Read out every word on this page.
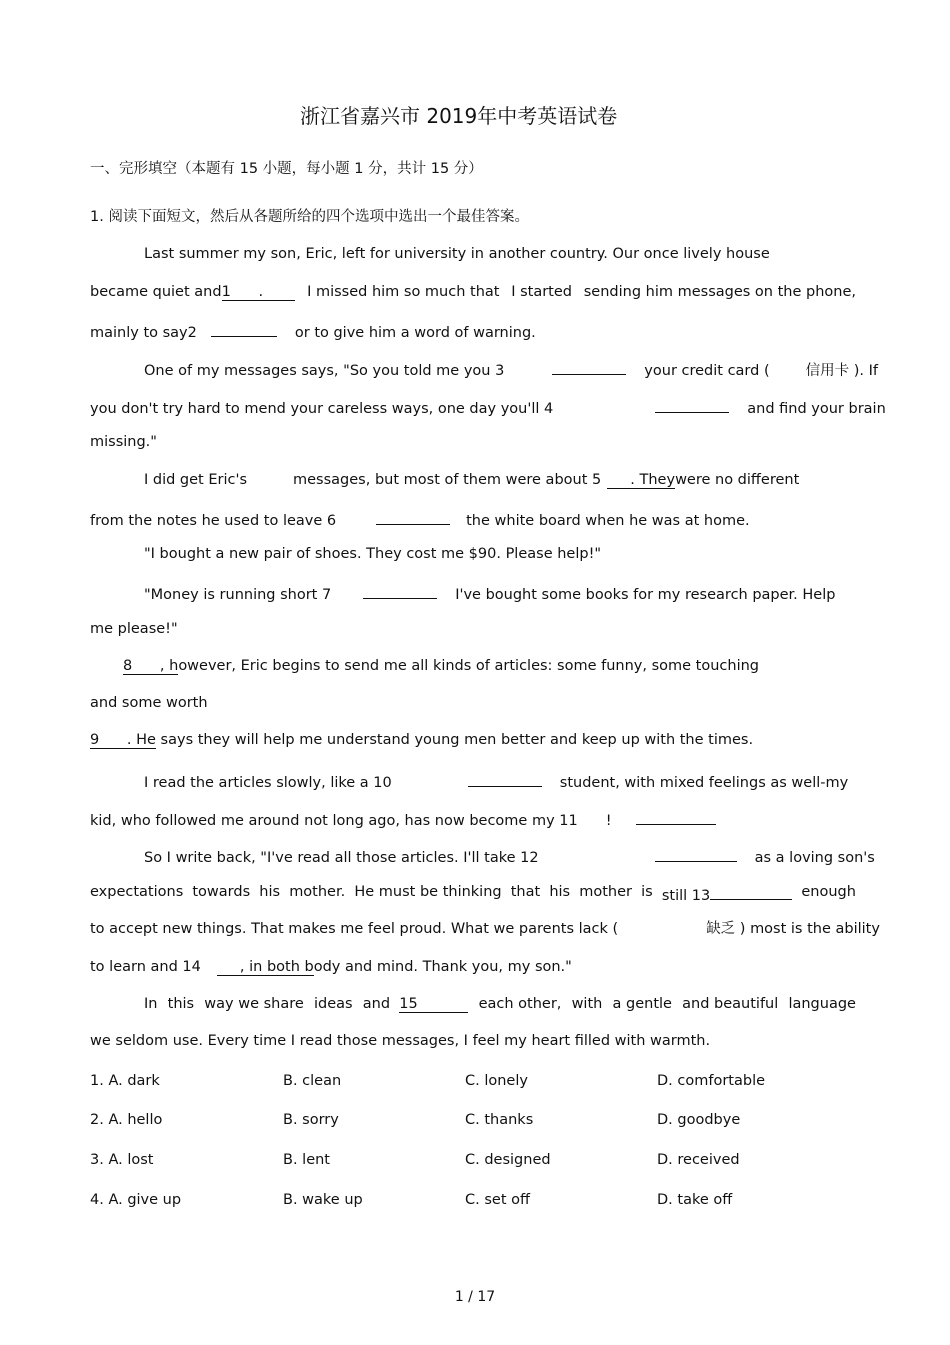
浙江省嘉兴市 2019年中考英语试卷
一、完形填空（本题有 15 小题，每小题 1 分，共计 15 分）
1. 阅读下面短文，然后从各题所给的四个选项中选出一个最佳答案。
Last summer my son, Eric, left for university in another country. Our once lively house
became quiet and1 .	I missed him so much that I started sending him messages on the phone,
mainly to say2	or to give him a word of warning.
One of my messages says, "So you told me you 3	your credit card ( 信用卡 ). If
you don't try hard to mend your careless ways, one day you'll 4	and find your brain
missing."
I did get Eric's	messages, but most of them were about 5 . Theywere no different
from the notes he used to leave 6	the white board when he was at home.
"I bought a new pair of shoes. They cost me $90. Please help!"
"Money is running short 7	I've bought some books for my research paper. Help
me please!"
8 , however, Eric begins to send me all kinds of articles: some funny, some touching
and some worth
9 . He says they will help me understand young men better and keep up with the times.
I read the articles slowly, like a 10	student, with mixed feelings as well-my
kid, who followed me around not long ago, has now become my 11 !
So I write back, "I've read all those articles. I'll take 12	as a loving son's
expectations towards his mother. He must be thinking that his mother is still 13	enough
to accept new things. That makes me feel proud. What we parents lack (	缺乏 ) most is the ability
to learn and 14	, in both body and mind. Thank you, my son."
In this way we share ideas and 15	each other, with a gentle and beautiful language
we seldom use. Every time I read those messages, I feel my heart filled with warmth.
1. A. dark	B. clean	C. lonely	D. comfortable
2. A. hello	B. sorry	C. thanks	D. goodbye
3. A. lost	B. lent	C. designed	D. received
4. A. give up	B. wake up	C. set off	D. take off
1 / 17
